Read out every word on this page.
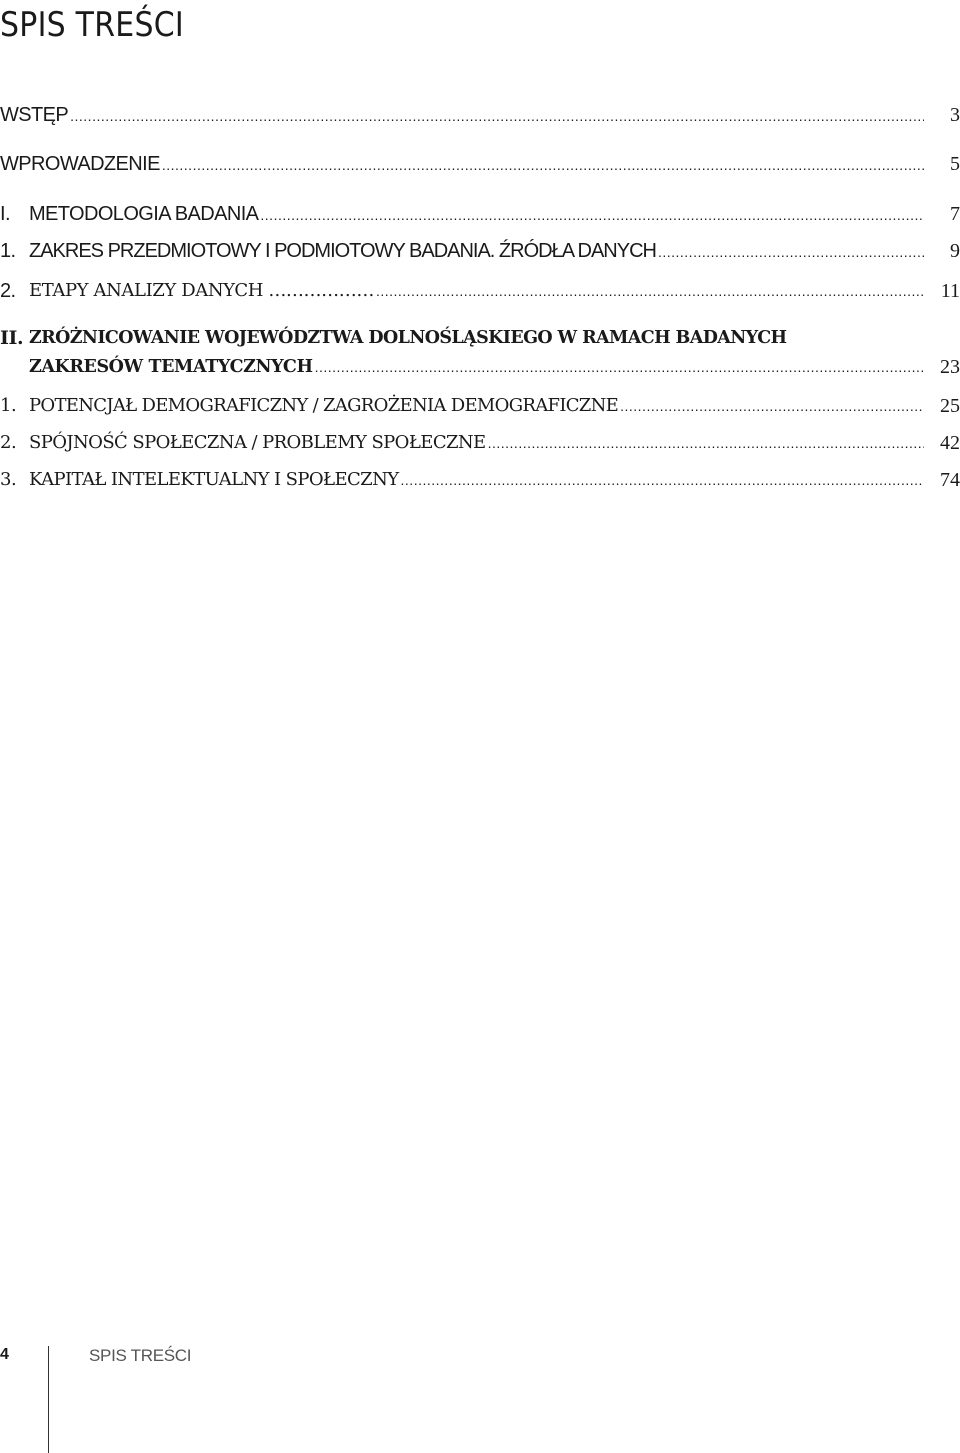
SPIS TREŚCI
WSTĘP .....	3
WPROWADZENIE .....	5
I. METODOLOGIA BADANIA .....	7
1. ZAKRES PRZEDMIOTOWY I PODMIOTOWY BADANIA. ŹRÓDŁA DANYCH .....	9
2. ETAPY ANALIZY DANYCH ……………… .....	11
II. ZRÓŻNICOWANIE WOJEWÓDZTWA DOLNOŚLĄSKIEGO W RAMACH BADANYCH
ZAKRESÓW TEMATYCZNYCH .....	23
1. POTENCJAŁ DEMOGRAFICZNY / ZAGROŻENIA DEMOGRAFICZNE .....	25
2. SPÓJNOŚĆ SPOŁECZNA / PROBLEMY SPOŁECZNE .....	42
3. KAPITAŁ INTELEKTUALNY I SPOŁECZNY .....	74
4	SPIS TREŚCI
